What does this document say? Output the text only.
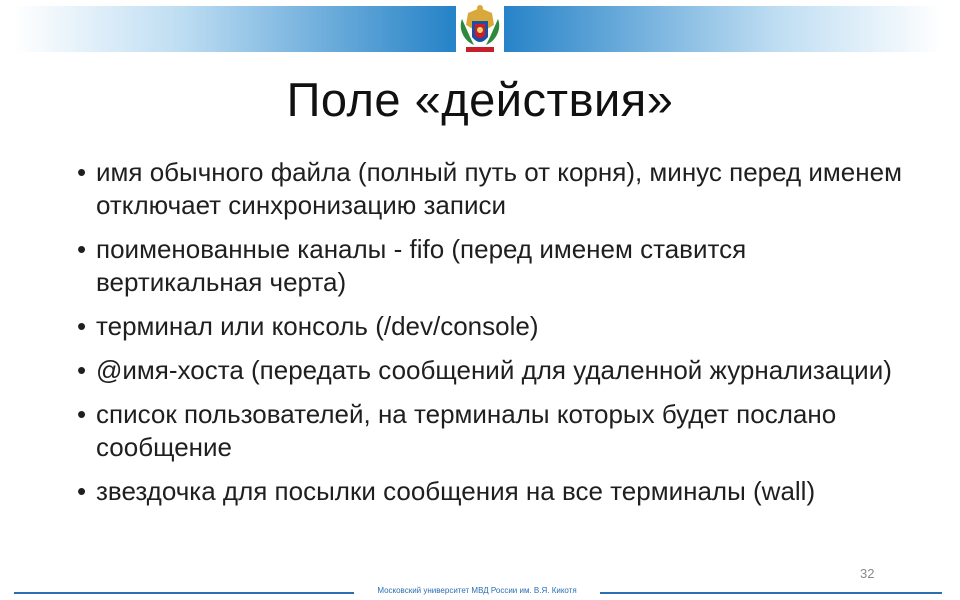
Поле «действия»
• имя обычного файла (полный путь от корня), минус перед именем отключает синхронизацию записи
• поименованные каналы - fifo (перед именем ставится вертикальная черта)
• терминал или консоль (/dev/console)
• @имя-хоста (передать сообщений для удаленной журнализации)
• список пользователей, на терминалы которых будет послано сообщение
• звездочка для посылки сообщения на все терминалы (wall)
32
Московский университет МВД России им. В.Я. Кикотя
